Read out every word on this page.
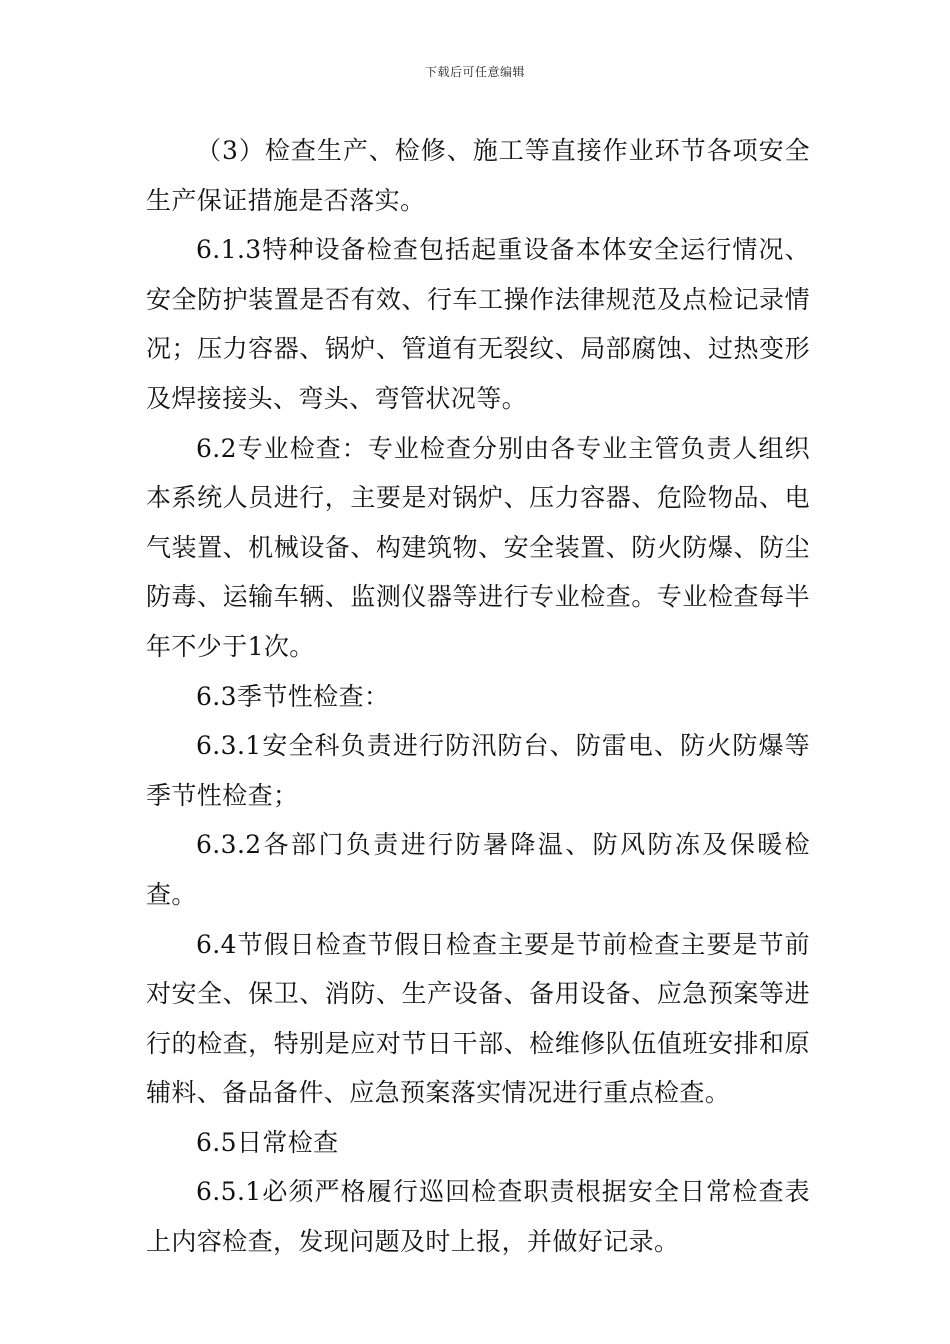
下载后可任意编辑

（3）检查生产、检修、施工等直接作业环节各项安全生产保证措施是否落实。

6.1.3特种设备检查包括起重设备本体安全运行情况、安全防护装置是否有效、行车工操作法律规范及点检记录情况；压力容器、锅炉、管道有无裂纹、局部腐蚀、过热变形及焊接接头、弯头、弯管状况等。

6.2专业检查：专业检查分别由各专业主管负责人组织本系统人员进行，主要是对锅炉、压力容器、危险物品、电气装置、机械设备、构建筑物、安全装置、防火防爆、防尘防毒、运输车辆、监测仪器等进行专业检查。专业检查每半年不少于1次。

6.3季节性检查：

6.3.1安全科负责进行防汛防台、防雷电、防火防爆等季节性检查；

6.3.2各部门负责进行防暑降温、防风防冻及保暖检查。

6.4节假日检查节假日检查主要是节前检查主要是节前对安全、保卫、消防、生产设备、备用设备、应急预案等进行的检查，特别是应对节日干部、检维修队伍值班安排和原辅料、备品备件、应急预案落实情况进行重点检查。

6.5日常检查

6.5.1必须严格履行巡回检查职责根据安全日常检查表上内容检查，发现问题及时上报，并做好记录。
